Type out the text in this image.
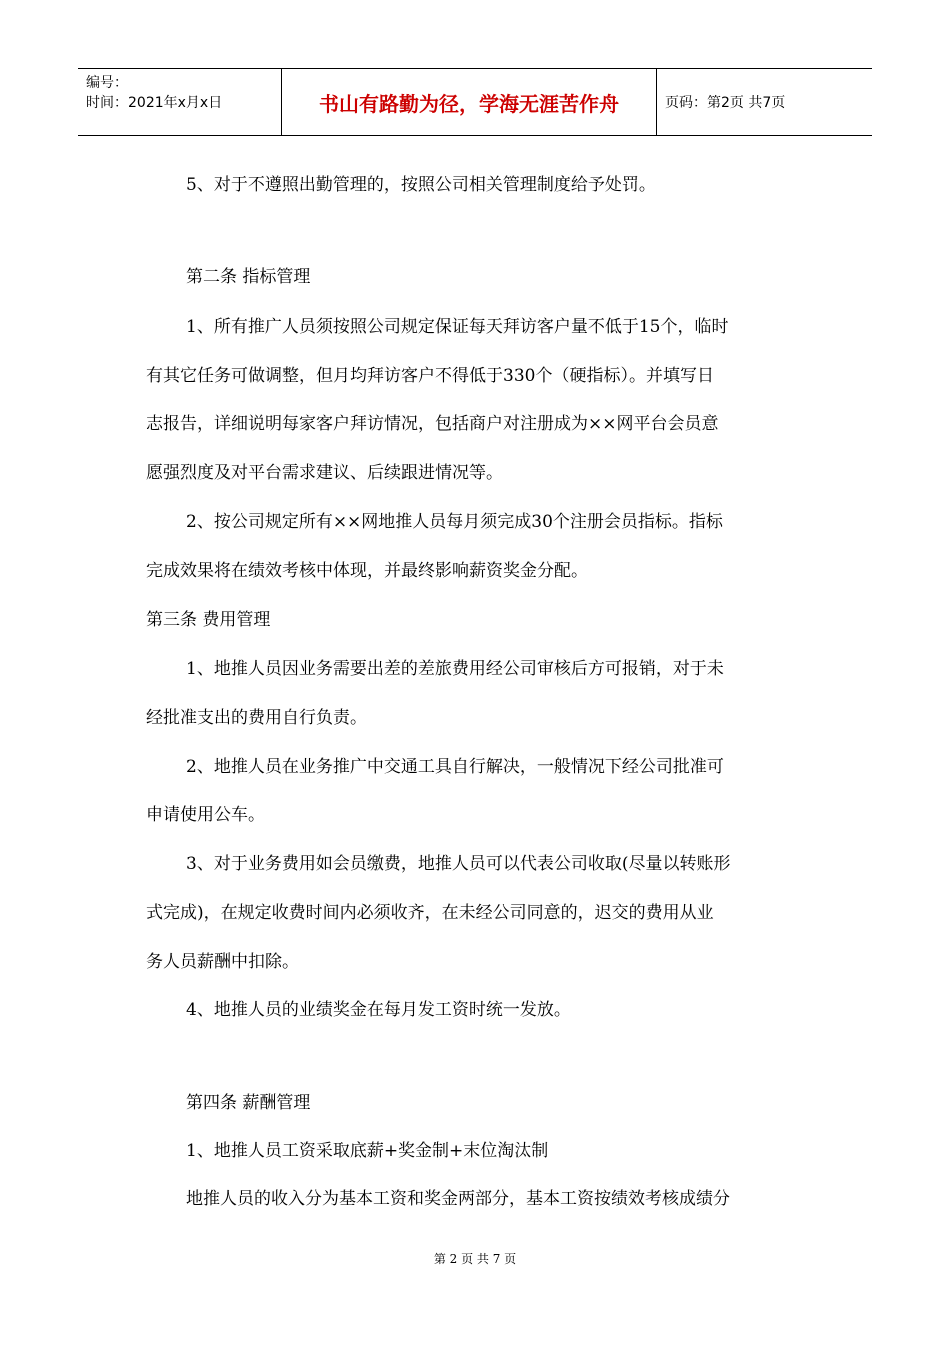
编号：
时间：2021年x月x日	书山有路勤为径，学海无涯苦作舟	页码：第2页 共7页
5、对于不遵照出勤管理的，按照公司相关管理制度给予处罚。
第二条 指标管理
1、所有推广人员须按照公司规定保证每天拜访客户量不低于15个，临时
有其它任务可做调整，但月均拜访客户不得低于330个（硬指标）。并填写日
志报告，详细说明每家客户拜访情况，包括商户对注册成为××网平台会员意
愿强烈度及对平台需求建议、后续跟进情况等。
2、按公司规定所有××网地推人员每月须完成30个注册会员指标。指标
完成效果将在绩效考核中体现，并最终影响薪资奖金分配。
第三条 费用管理
1、地推人员因业务需要出差的差旅费用经公司审核后方可报销，对于未
经批准支出的费用自行负责。
2、地推人员在业务推广中交通工具自行解决，一般情况下经公司批准可
申请使用公车。
3、对于业务费用如会员缴费，地推人员可以代表公司收取(尽量以转账形
式完成)，在规定收费时间内必须收齐，在未经公司同意的，迟交的费用从业
务人员薪酬中扣除。
4、地推人员的业绩奖金在每月发工资时统一发放。
第四条 薪酬管理
1、地推人员工资采取底薪+奖金制+末位淘汰制
地推人员的收入分为基本工资和奖金两部分，基本工资按绩效考核成绩分
第 2 页 共 7 页
